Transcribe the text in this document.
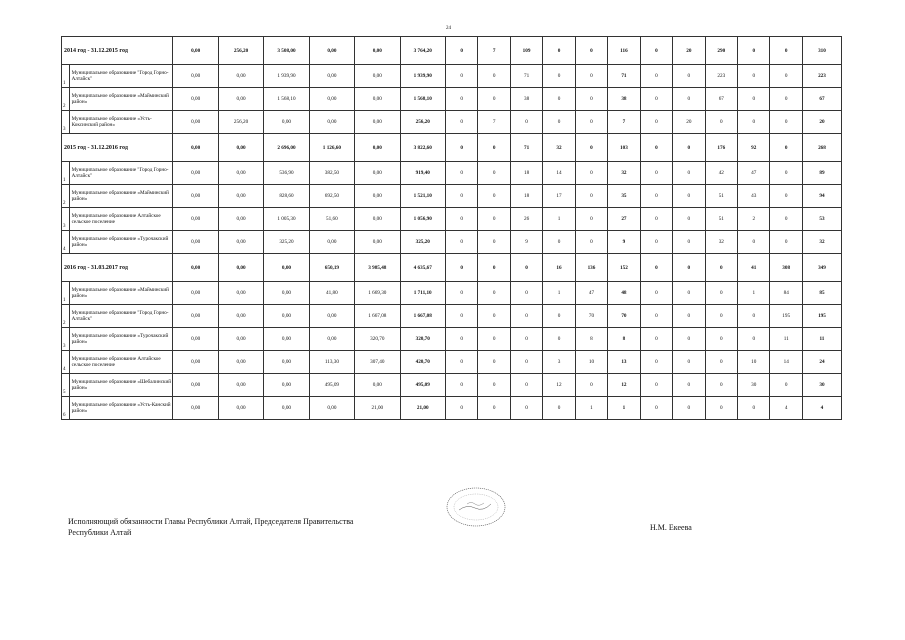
24
2014 год - 31.12.2015 год		0,00	256,20	3 508,00	0,00	0,00	3 764,20	0	7	109	0	0	116	0	20	290	0	0	310
1	Муниципальное образование "Город Горно-Алтайск"	0,00	0,00	1 939,90	0,00	0,00	1 939,90	0	0	71	0	0	71	0	0	223	0	0	223
2	Муниципальное образование «Майминский район»	0,00	0,00	1 568,10	0,00	0,00	1 568,10	0	0	38	0	0	38	0	0	67	0	0	67
3	Муниципальное образование «Усть-Коксинский район»	0,00	256,20	0,00	0,00	0,00	256,20	0	7	0	0	0	7	0	20	0	0	0	20
2015 год - 31.12.2016 год		0,00	0,00	2 696,00	1 126,60	0,00	3 822,60	0	0	71	32	0	103	0	0	176	92	0	268
1	Муниципальное образование "Город Горно-Алтайск"	0,00	0,00	536,90	382,50	0,00	919,40	0	0	18	14	0	32	0	0	42	47	0	89
2	Муниципальное образование «Майминский район»	0,00	0,00	828,60	692,50	0,00	1 521,10	0	0	18	17	0	35	0	0	51	43	0	94
3	Муниципальное образование Алтайское сельское поселение	0,00	0,00	1 005,30	51,60	0,00	1 056,90	0	0	26	1	0	27	0	0	51	2	0	53
4	Муниципальное образование «Турочакский район»	0,00	0,00	325,20	0,00	0,00	325,20	0	0	9	0	0	9	0	0	32	0	0	32
2016 год - 31.03.2017 год		0,00	0,00	0,00	650,19	3 985,48	4 635,67	0	0	0	16	136	152	0	0	0	41	308	349
1	Муниципальное образование «Майминский район»	0,00	0,00	0,00	41,80	1 669,30	1 711,10	0	0	0	1	47	48	0	0	0	1	84	85
2	Муниципальное образование "Город Горно-Алтайск"	0,00	0,00	0,00	0,00	1 667,08	1 667,08	0	0	0	0	70	70	0	0	0	0	195	195
3	Муниципальное образование «Турочакский район»	0,00	0,00	0,00	0,00	320,70	320,70	0	0	0	0	8	8	0	0	0	0	11	11
4	Муниципальное образование Алтайское сельское поселение	0,00	0,00	0,00	113,30	307,40	420,70	0	0	0	3	10	13	0	0	0	10	14	24
5	Муниципальное образование «Шебалинский район»	0,00	0,00	0,00	495,09	0,00	495,09	0	0	0	12	0	12	0	0	0	30	0	30
6	Муниципальное образование «Усть-Канский район»	0,00	0,00	0,00	0,00	21,00	21,00	0	0	0	0	1	1	0	0	0	0	4	4
Исполняющий обязанности Главы Республики Алтай, Председателя Правительства
Республики Алтай
Н.М. Екеева
